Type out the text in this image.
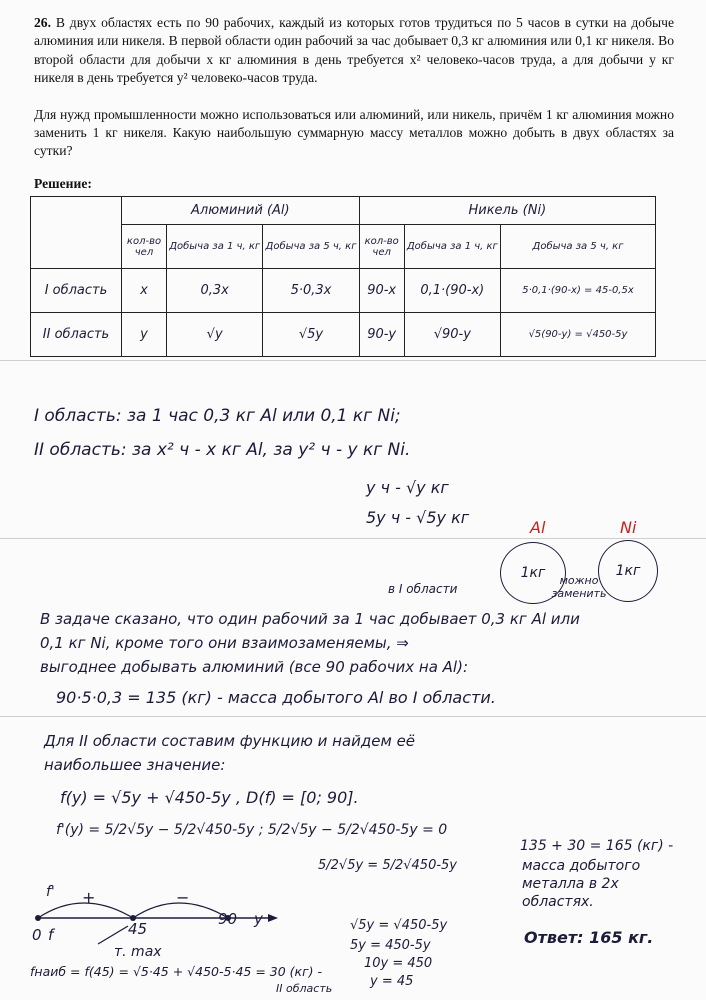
26. В двух областях есть по 90 рабочих, каждый из которых готов трудиться по 5 часов в сутки на добыче алюминия или никеля. В первой области один рабочий за час добывает 0,3 кг алюминия или 0,1 кг никеля. Во второй области для добычи x кг алюминия в день требуется x² человеко-часов труда, а для добычи y кг никеля в день требуется y² человеко-часов труда.

Для нужд промышленности можно использоваться или алюминий, или никель, причём 1 кг алюминия можно заменить 1 кг никеля. Какую наибольшую суммарную массу металлов можно добыть в двух областях за сутки?

Решение:

	Алюминий (Al)			Никель (Ni)		
	кол-во чел	Добыча за 1 ч, кг	Добыча за 5 ч, кг	кол-во чел	Добыча за 1 ч, кг	Добыча за 5 ч, кг
I область	x	0,3x	5·0,3x	90-x	0,1·(90-x)	5·0,1·(90-x) = 45-0,5x
II область	y	√y	√5y	90-y	√90-y	√5(90-y) = √450-5y
I область: за 1 час 0,3 кг Al или 0,1 кг Ni;
II область: за x² ч - x кг Al, за y² ч - y кг Ni.
y ч - √y кг
5y ч - √5y кг
Al	Ni
1кг	1кг
можно заменить
в I области
В задаче сказано, что один рабочий за 1 час добывает 0,3 кг Al или
0,1 кг Ni, кроме того они взаимозаменяемы, ⇒
выгоднее добывать алюминий (все 90 рабочих на Al):
90·5·0,3 = 135 (кг) - масса добытого Al во I области.
Для II области составим функцию и найдем её
наибольшее значение:
f(y) = √5y + √450-5y , D(f) = [0; 90].
f'(y) = 5/2√5y − 5/2√450-5y ; 5/2√5y − 5/2√450-5y = 0
5/2√5y = 5/2√450-5y
√5y = √450-5y
5y = 450-5y
10y = 450
y = 45
f' +	−
0 f	45
90 y
т. max
fнаиб = f(45) = √5·45 + √450-5·45 = 30 (кг) -
II область
135 + 30 = 165 (кг) -
масса добытого
металла в 2х
областях.
Ответ: 165 кг.
